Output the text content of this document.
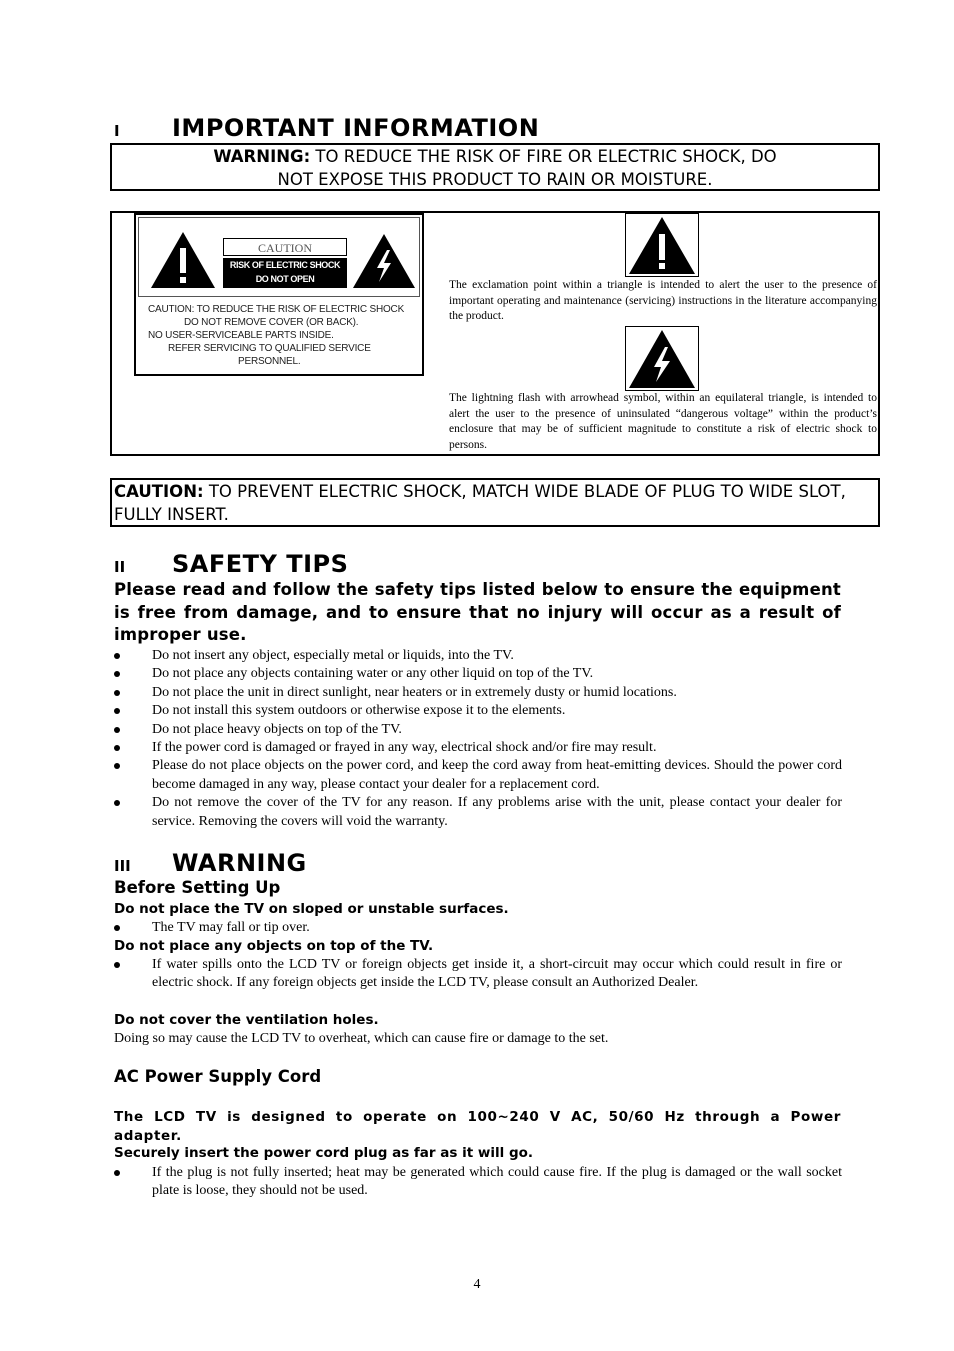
I IMPORTANT INFORMATION
WARNING: TO REDUCE THE RISK OF FIRE OR ELECTRIC SHOCK, DO
NOT EXPOSE THIS PRODUCT TO RAIN OR MOISTURE.
CAUTION
RISK OF ELECTRIC SHOCK
DO NOT OPEN
CAUTION: TO REDUCE THE RISK OF ELECTRIC SHOCK
DO NOT REMOVE COVER (OR BACK).
NO USER-SERVICEABLE PARTS INSIDE.
REFER SERVICING TO QUALIFIED SERVICE
PERSONNEL.
The exclamation point within a triangle is intended to alert the user to the presence of important operating and maintenance (servicing) instructions in the literature accompanying the product.
The lightning flash with arrowhead symbol, within an equilateral triangle, is intended to alert the user to the presence of uninsulated “dangerous voltage” within the product’s enclosure that may be of sufficient magnitude to constitute a risk of electric shock to persons.
CAUTION: TO PREVENT ELECTRIC SHOCK, MATCH WIDE BLADE OF PLUG TO WIDE SLOT, FULLY INSERT.
II SAFETY TIPS
Please read and follow the safety tips listed below to ensure the equipment is free from damage, and to ensure that no injury will occur as a result of improper use.
Do not insert any object, especially metal or liquids, into the TV.
Do not place any objects containing water or any other liquid on top of the TV.
Do not place the unit in direct sunlight, near heaters or in extremely dusty or humid locations.
Do not install this system outdoors or otherwise expose it to the elements.
Do not place heavy objects on top of the TV.
If the power cord is damaged or frayed in any way, electrical shock and/or fire may result.
Please do not place objects on the power cord, and keep the cord away from heat-emitting devices. Should the power cord become damaged in any way, please contact your dealer for a replacement cord.
Do not remove the cover of the TV for any reason. If any problems arise with the unit, please contact your dealer for service. Removing the covers will void the warranty.
III WARNING
Before Setting Up
Do not place the TV on sloped or unstable surfaces.
The TV may fall or tip over.
Do not place any objects on top of the TV.
If water spills onto the LCD TV or foreign objects get inside it, a short-circuit may occur which could result in fire or electric shock. If any foreign objects get inside the LCD TV, please consult an Authorized Dealer.
Do not cover the ventilation holes.
Doing so may cause the LCD TV to overheat, which can cause fire or damage to the set.
AC Power Supply Cord
The LCD TV is designed to operate on 100~240 V AC, 50/60 Hz through a Power adapter.
Securely insert the power cord plug as far as it will go.
If the plug is not fully inserted; heat may be generated which could cause fire. If the plug is damaged or the wall socket plate is loose, they should not be used.
4
